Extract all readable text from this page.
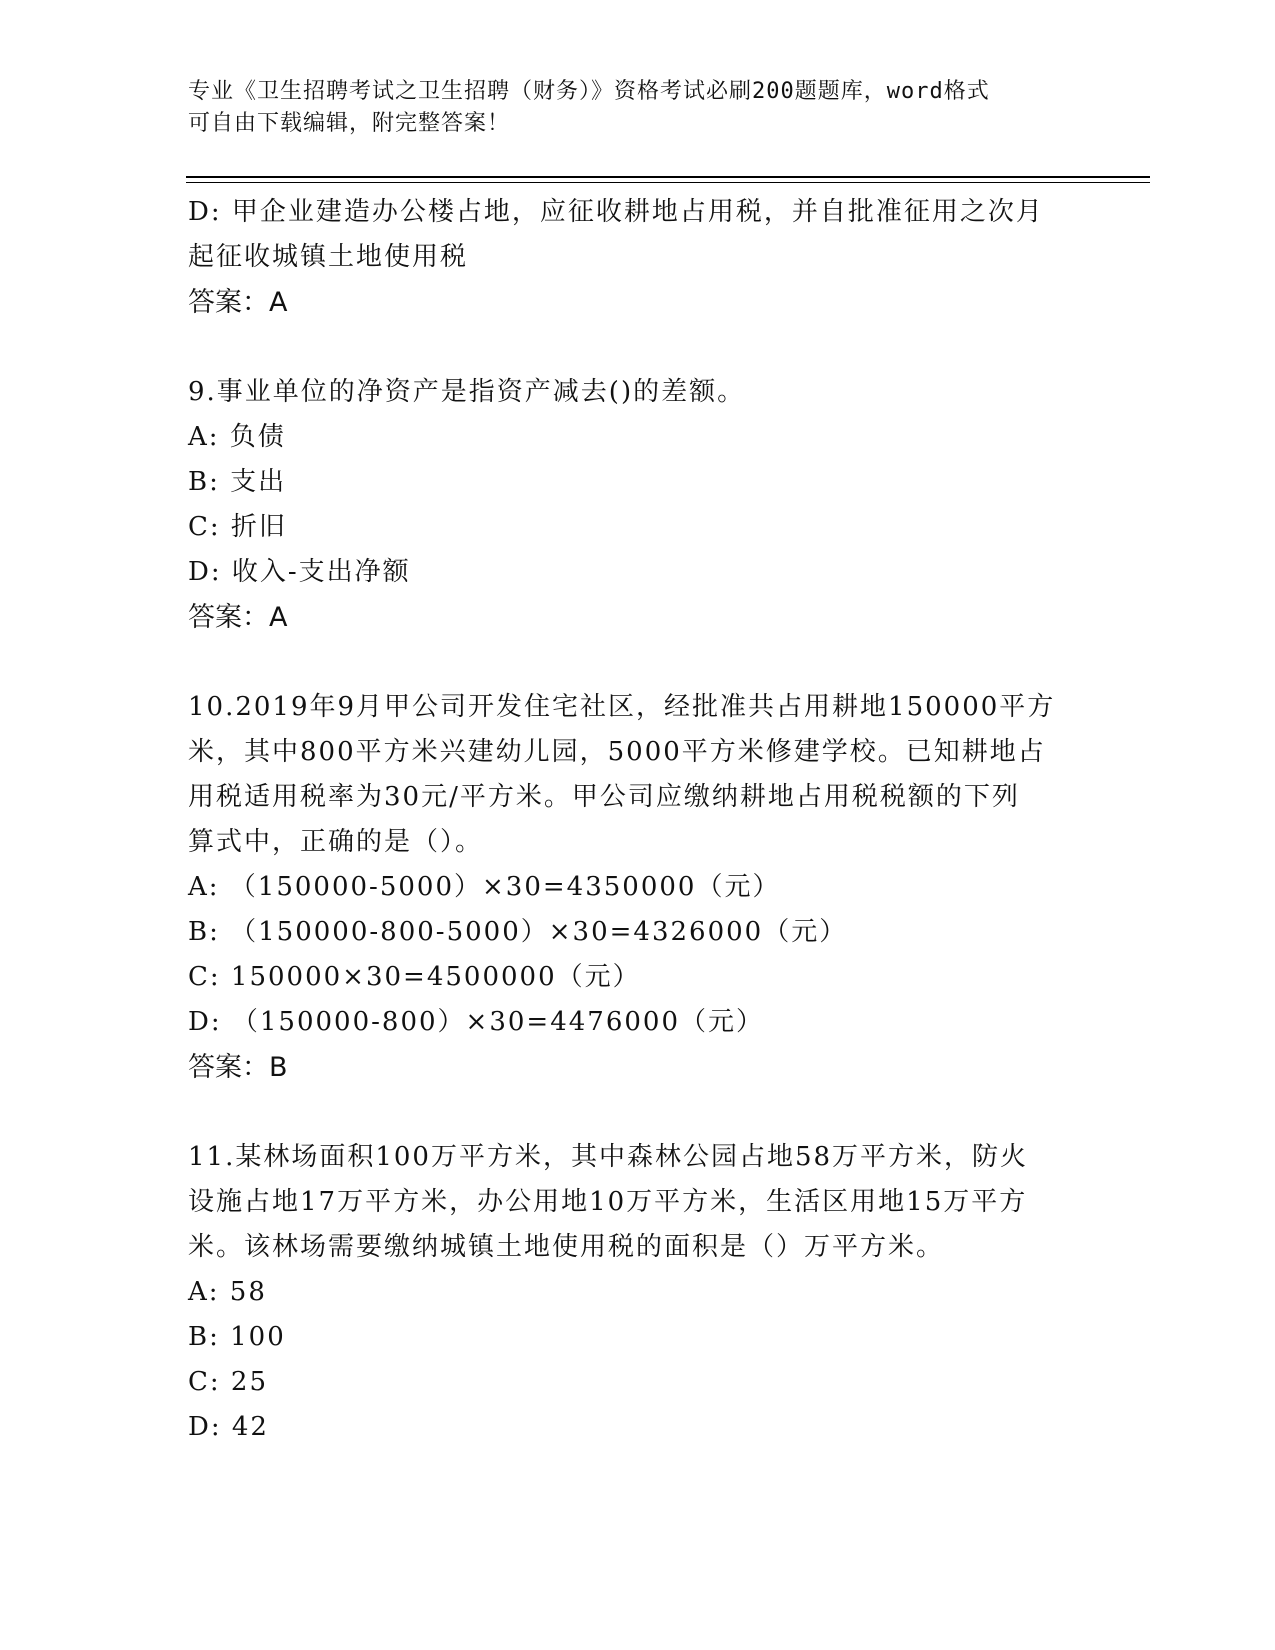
专业《卫生招聘考试之卫生招聘（财务）》资格考试必刷200题题库，word格式
可自由下载编辑，附完整答案！
D: 甲企业建造办公楼占地，应征收耕地占用税，并自批准征用之次月
起征收城镇土地使用税
答案：A
9.事业单位的净资产是指资产减去()的差额。
A: 负债
B: 支出
C: 折旧
D: 收入-支出净额
答案：A
10.2019年9月甲公司开发住宅社区，经批准共占用耕地150000平方
米，其中800平方米兴建幼儿园，5000平方米修建学校。已知耕地占
用税适用税率为30元/平方米。甲公司应缴纳耕地占用税税额的下列
算式中，正确的是（）。
A: （150000-5000）×30=4350000（元）
B: （150000-800-5000）×30=4326000（元）
C: 150000×30=4500000（元）
D: （150000-800）×30=4476000（元）
答案：B
11.某林场面积100万平方米，其中森林公园占地58万平方米，防火
设施占地17万平方米，办公用地10万平方米，生活区用地15万平方
米。该林场需要缴纳城镇土地使用税的面积是（）万平方米。
A: 58
B: 100
C: 25
D: 42
